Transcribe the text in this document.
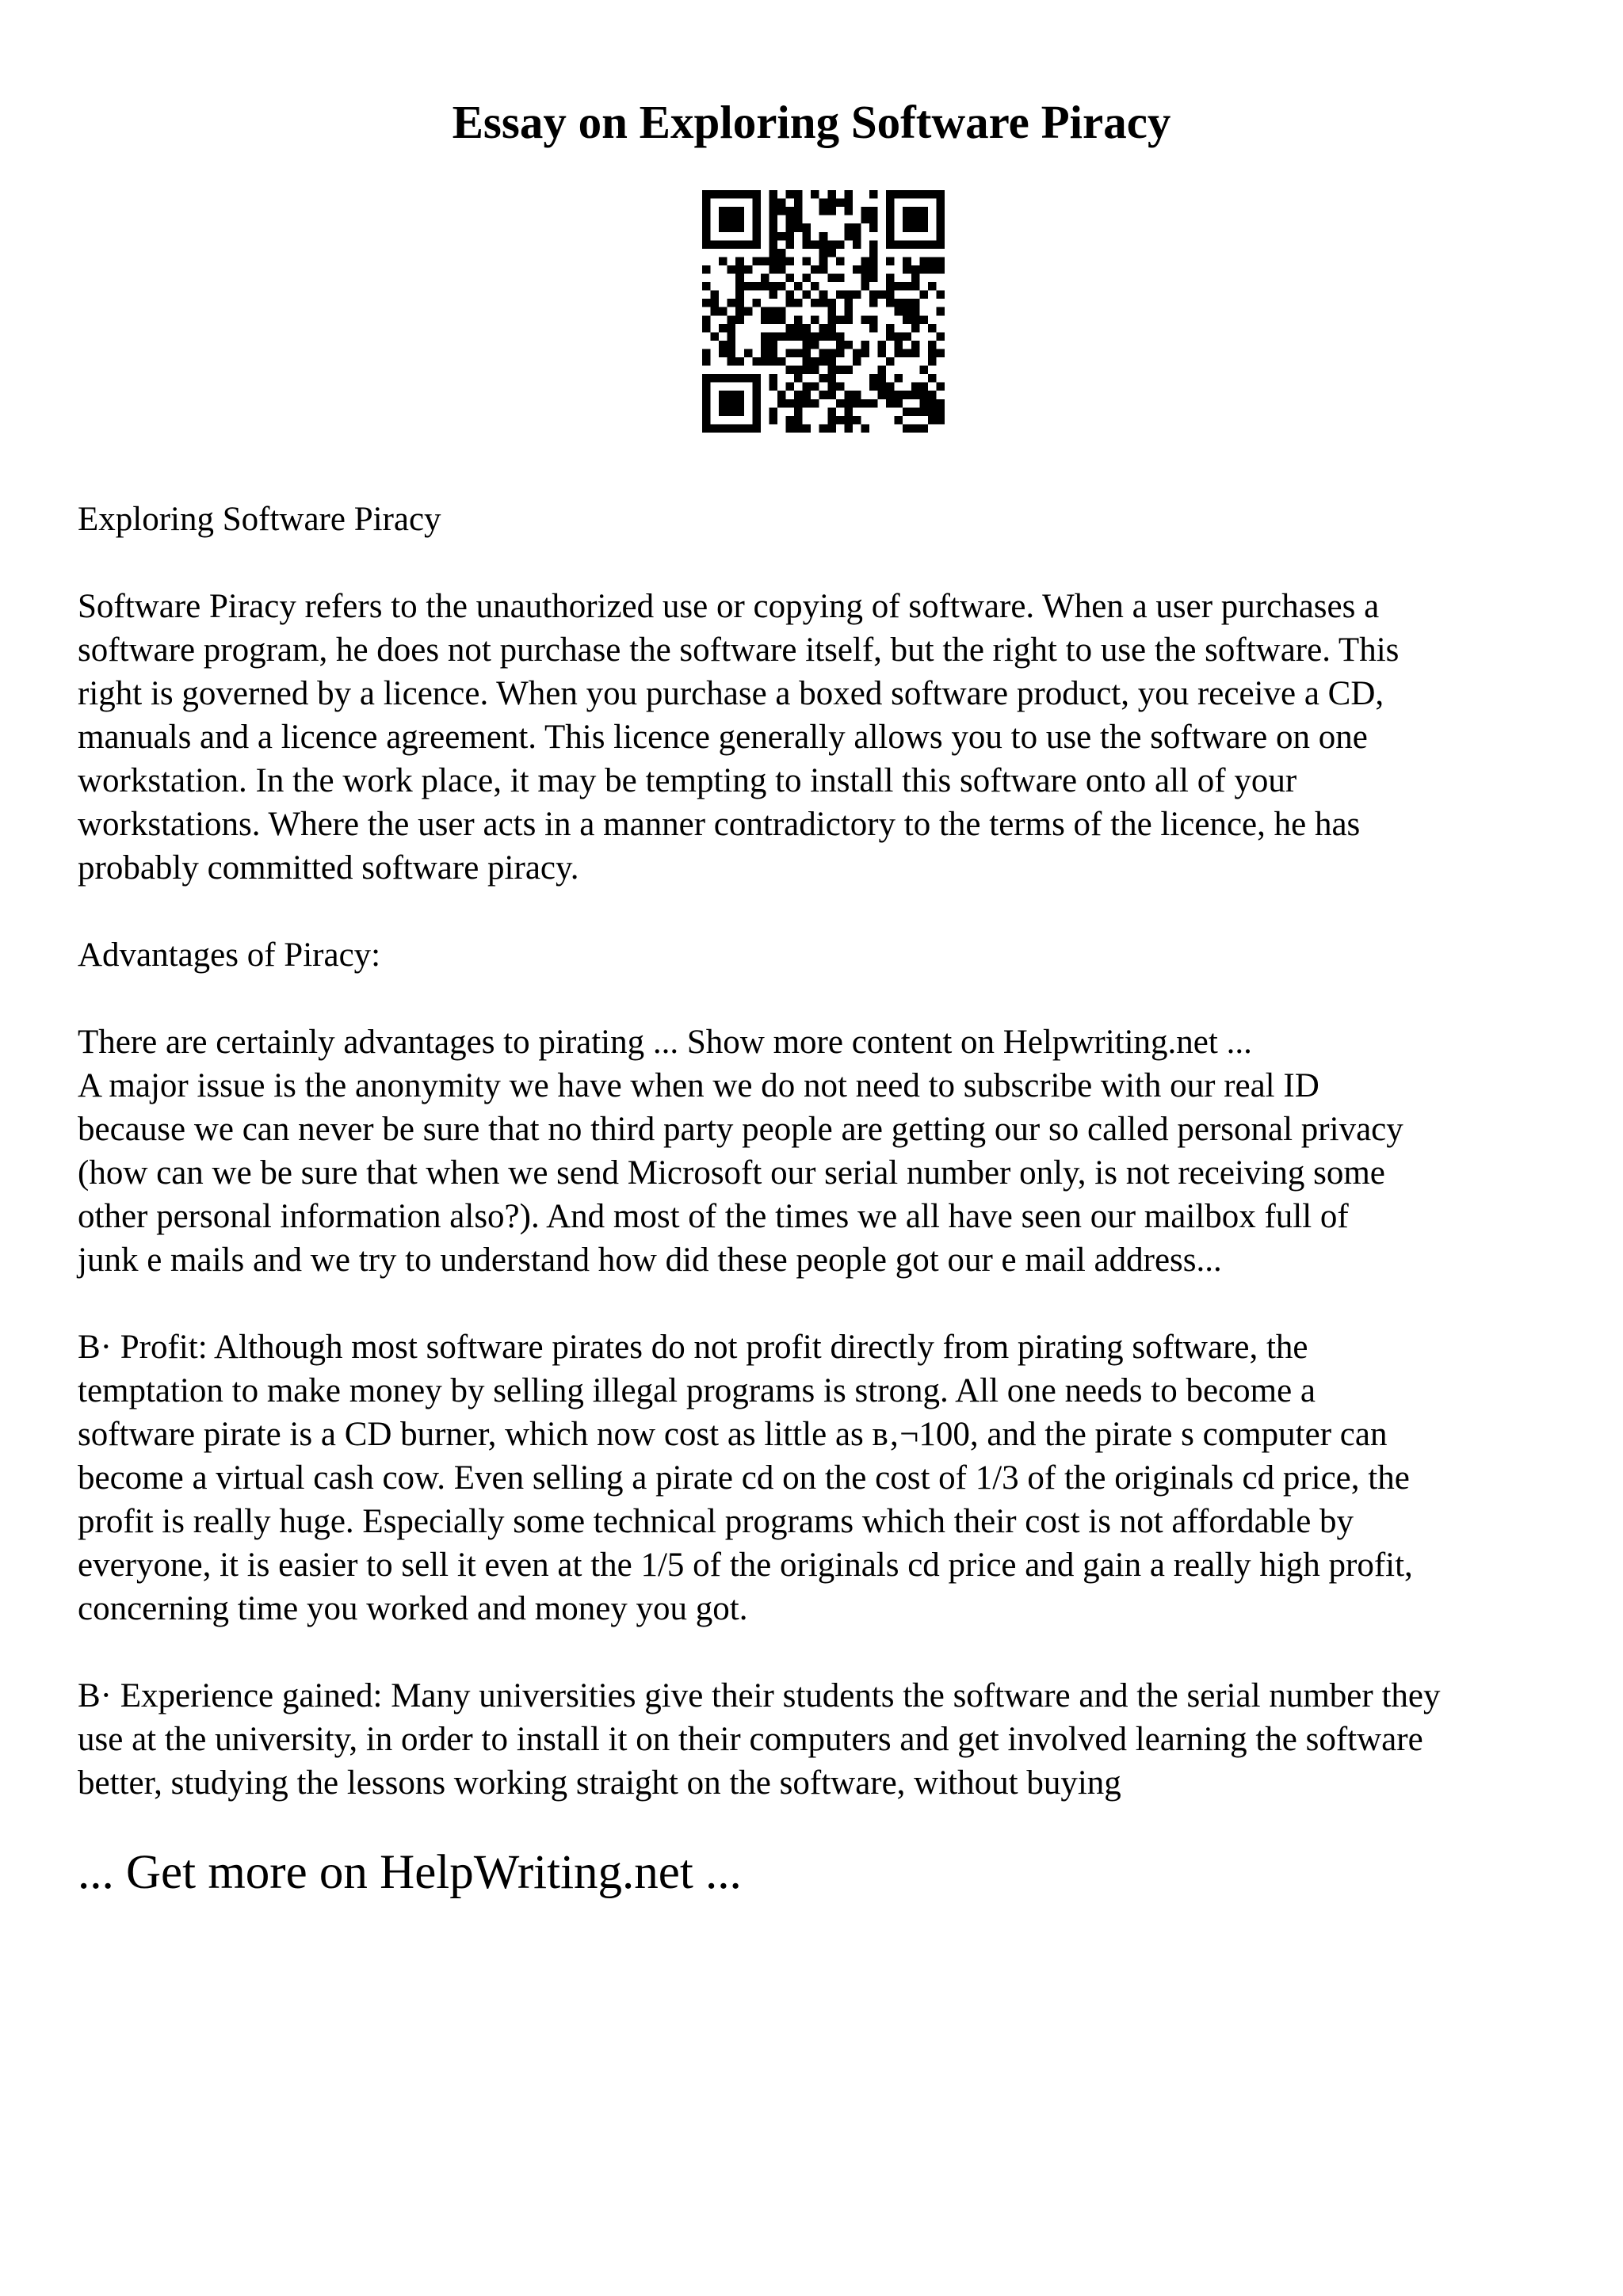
Essay on Exploring Software Piracy

Exploring Software Piracy

Software Piracy refers to the unauthorized use or copying of software. When a user purchases a
software program, he does not purchase the software itself, but the right to use the software. This
right is governed by a licence. When you purchase a boxed software product, you receive a CD,
manuals and a licence agreement. This licence generally allows you to use the software on one
workstation. In the work place, it may be tempting to install this software onto all of your
workstations. Where the user acts in a manner contradictory to the terms of the licence, he has
probably committed software piracy.

Advantages of Piracy:

There are certainly advantages to pirating ... Show more content on Helpwriting.net ...

A major issue is the anonymity we have when we do not need to subscribe with our real ID
because we can never be sure that no third party people are getting our so called personal privacy
(how can we be sure that when we send Microsoft our serial number only, is not receiving some
other personal information also?). And most of the times we all have seen our mailbox full of
junk e mails and we try to understand how did these people got our e mail address...

B· Profit: Although most software pirates do not profit directly from pirating software, the
temptation to make money by selling illegal programs is strong. All one needs to become a
software pirate is a CD burner, which now cost as little as в‚¬100, and the pirate s computer can
become a virtual cash cow. Even selling a pirate cd on the cost of 1/3 of the originals cd price, the
profit is really huge. Especially some technical programs which their cost is not affordable by
everyone, it is easier to sell it even at the 1/5 of the originals cd price and gain a really high profit,
concerning time you worked and money you got.

B· Experience gained: Many universities give their students the software and the serial number they
use at the university, in order to install it on their computers and get involved learning the software
better, studying the lessons working straight on the software, without buying

... Get more on HelpWriting.net ...
